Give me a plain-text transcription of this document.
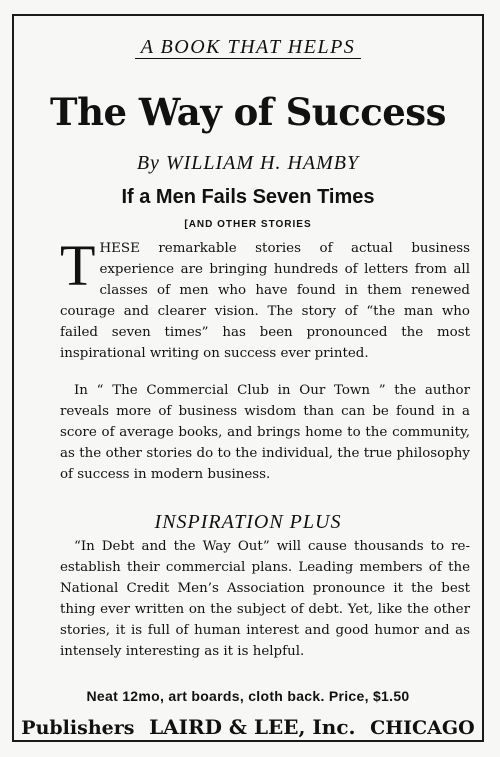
A BOOK THAT HELPS
The Way of Success
By WILLIAM H. HAMBY
If a Men Fails Seven Times
[AND OTHER STORIES
THESE remarkable stories of actual business experience are bringing hundreds of letters from all classes of men who have found in them renewed courage and clearer vision. The story of “the man who failed seven times” has been pronounced the most inspirational writing on success ever printed.
In “ The Commercial Club in Our Town ” the author reveals more of business wisdom than can be found in a score of average books, and brings home to the community, as the other stories do to the individual, the true philosophy of success in modern business.
INSPIRATION PLUS
“In Debt and the Way Out” will cause thousands to re-establish their commercial plans. Leading members of the National Credit Men’s Association pronounce it the best thing ever written on the subject of debt. Yet, like the other stories, it is full of human interest and good humor and as intensely interesting as it is helpful.
Neat 12mo, art boards, cloth back. Price, $1.50
Publishers LAIRD & LEE, Inc. CHICAGO
